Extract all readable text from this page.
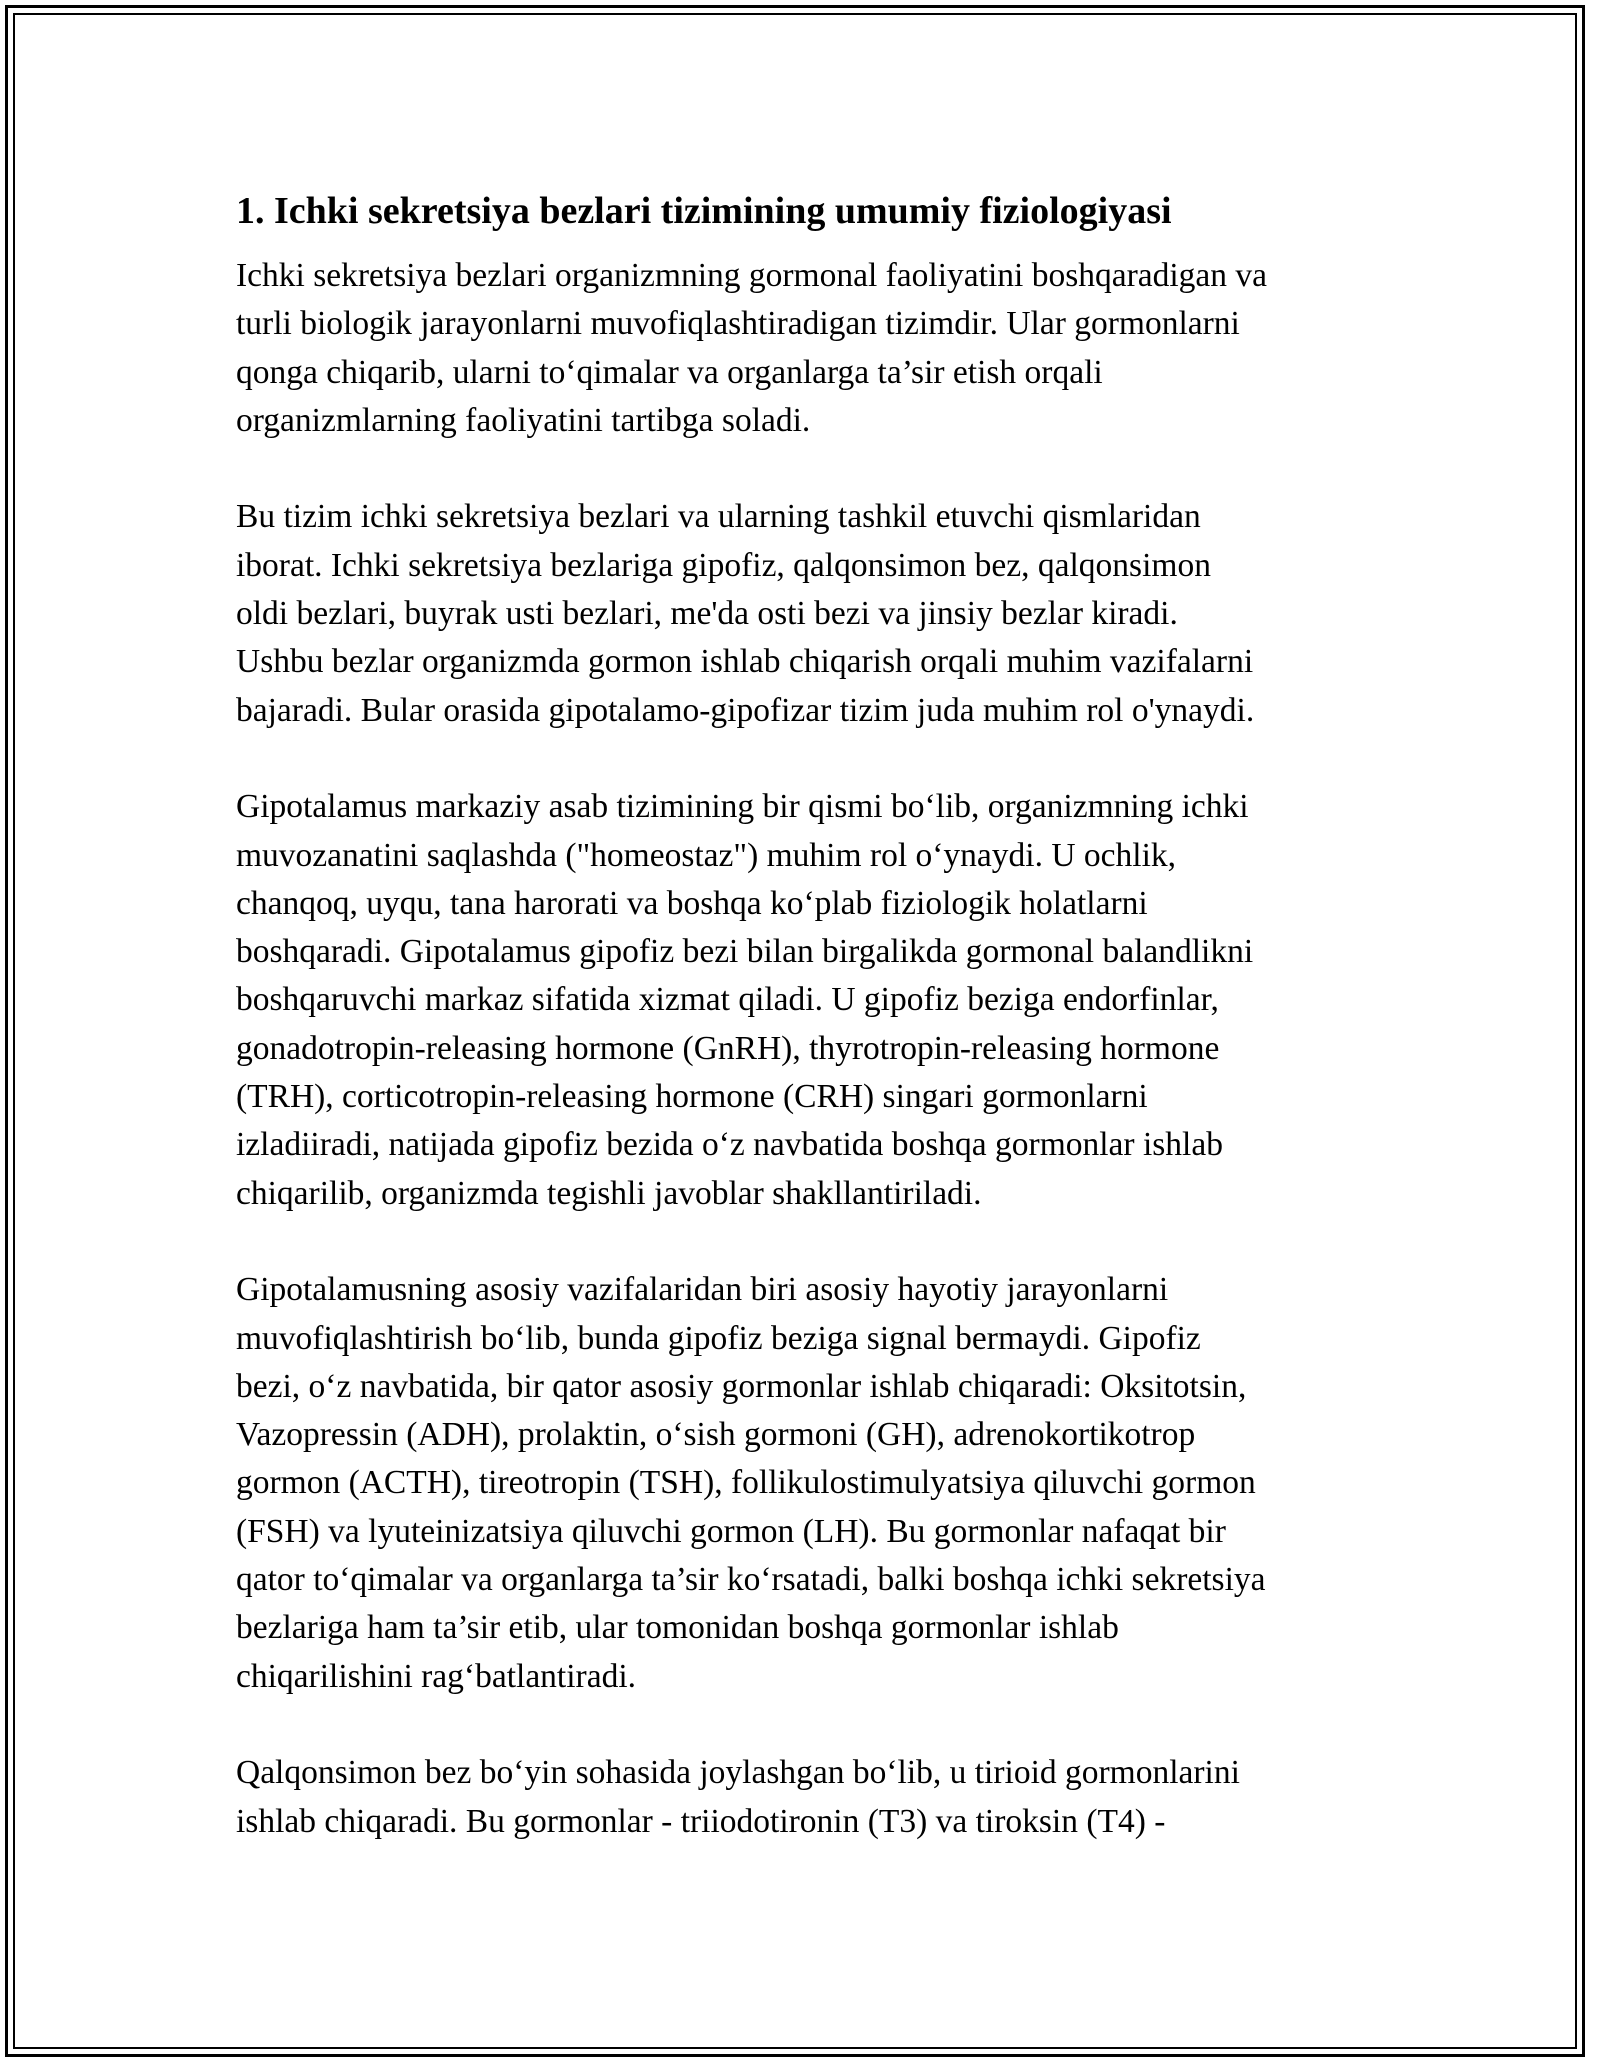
1. Ichki sekretsiya bezlari tizimining umumiy fiziologiyasi

Ichki sekretsiya bezlari organizmning gormonal faoliyatini boshqaradigan va
turli biologik jarayonlarni muvofiqlashtiradigan tizimdir. Ular gormonlarni
qonga chiqarib, ularni to‘qimalar va organlarga ta’sir etish orqali
organizmlarning faoliyatini tartibga soladi.

Bu tizim ichki sekretsiya bezlari va ularning tashkil etuvchi qismlaridan
iborat. Ichki sekretsiya bezlariga gipofiz, qalqonsimon bez, qalqonsimon
oldi bezlari, buyrak usti bezlari, me'da osti bezi va jinsiy bezlar kiradi.
Ushbu bezlar organizmda gormon ishlab chiqarish orqali muhim vazifalarni
bajaradi. Bular orasida gipotalamo-gipofizar tizim juda muhim rol o'ynaydi.

Gipotalamus markaziy asab tizimining bir qismi bo‘lib, organizmning ichki
muvozanatini saqlashda ("homeostaz") muhim rol o‘ynaydi. U ochlik,
chanqoq, uyqu, tana harorati va boshqa ko‘plab fiziologik holatlarni
boshqaradi. Gipotalamus gipofiz bezi bilan birgalikda gormonal balandlikni
boshqaruvchi markaz sifatida xizmat qiladi. U gipofiz beziga endorfinlar,
gonadotropin-releasing hormone (GnRH), thyrotropin-releasing hormone
(TRH), corticotropin-releasing hormone (CRH) singari gormonlarni
izladiiradi, natijada gipofiz bezida o‘z navbatida boshqa gormonlar ishlab
chiqarilib, organizmda tegishli javoblar shakllantiriladi.

Gipotalamusning asosiy vazifalaridan biri asosiy hayotiy jarayonlarni
muvofiqlashtirish bo‘lib, bunda gipofiz beziga signal bermaydi. Gipofiz
bezi, o‘z navbatida, bir qator asosiy gormonlar ishlab chiqaradi: Oksitotsin,
Vazopressin (ADH), prolaktin, o‘sish gormoni (GH), adrenokortikotrop
gormon (ACTH), tireotropin (TSH), follikulostimulyatsiya qiluvchi gormon
(FSH) va lyuteinizatsiya qiluvchi gormon (LH). Bu gormonlar nafaqat bir
qator to‘qimalar va organlarga ta’sir ko‘rsatadi, balki boshqa ichki sekretsiya
bezlariga ham ta’sir etib, ular tomonidan boshqa gormonlar ishlab
chiqarilishini rag‘batlantiradi.

Qalqonsimon bez bo‘yin sohasida joylashgan bo‘lib, u tirioid gormonlarini
ishlab chiqaradi. Bu gormonlar - triiodotironin (T3) va tiroksin (T4) -
